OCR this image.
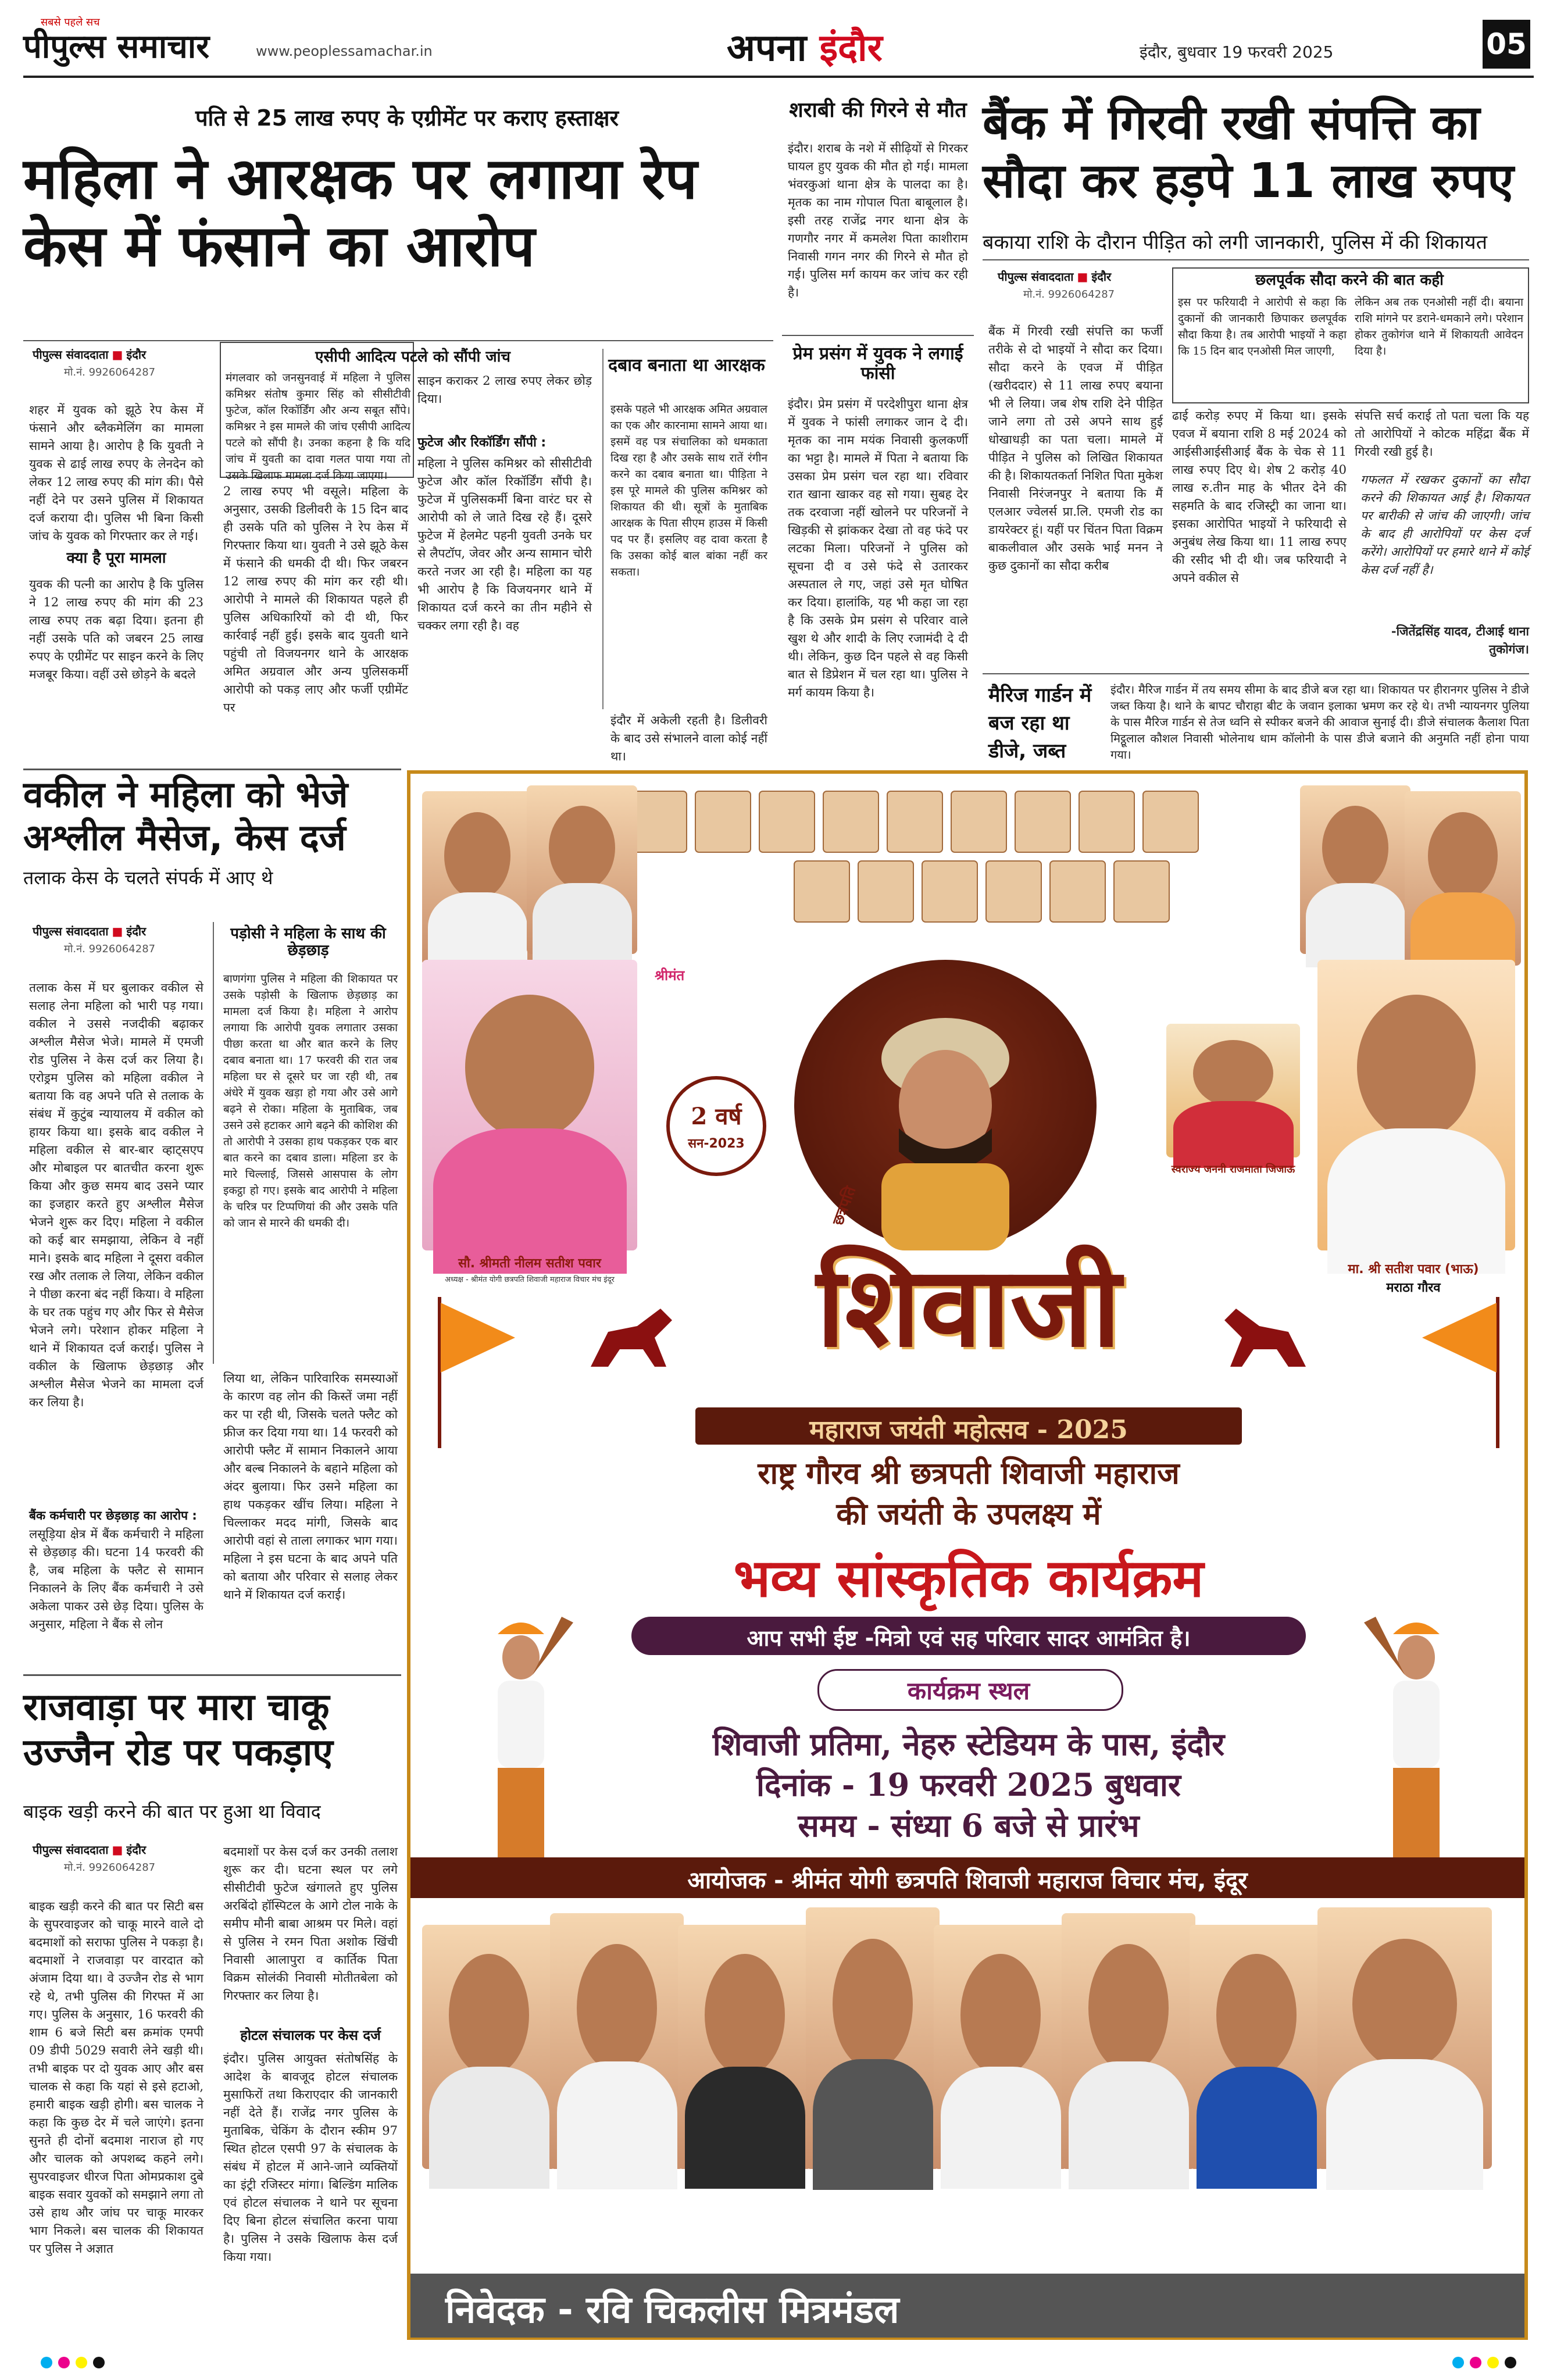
सबसे पहले सच
पीपुल्स समाचार	www.peoplessamachar.in	अपना इंदौर	इंदौर, बुधवार 19 फरवरी 2025	05
पति से 25 लाख रुपए के एग्रीमेंट पर कराए हस्ताक्षर
महिला ने आरक्षक पर लगाया रेप केस में फंसाने का आरोप
पीपुल्स संवाददाता ■ इंदौर
मो.नं. 9926064287
शहर में युवक को झूठे रेप केस में फंसाने और ब्लैकमेलिंग का मामला सामने आया है। आरोप है कि युवती ने युवक से ढाई लाख रुपए के लेनदेन को लेकर 12 लाख रुपए की मांग की। पैसे नहीं देने पर उसने पुलिस में शिकायत दर्ज कराया दी। पुलिस भी बिना किसी जांच के युवक को गिरफ्तार कर ले गई।
क्या है पूरा मामला
युवक की पत्नी का आरोप है कि पुलिस ने 12 लाख रुपए की मांग की 23 लाख रुपए तक बढ़ा दिया। इतना ही नहीं उसके पति को जबरन 25 लाख रुपए के एग्रीमेंट पर साइन करने के लिए मजबूर किया। वहीं उसे छोड़ने के बदले
एसीपी आदित्य पटले को सौंपी जांच
मंगलवार को जनसुनवाई में महिला ने पुलिस कमिश्नर संतोष कुमार सिंह को सीसीटीवी फुटेज, कॉल रिकॉर्डिंग और अन्य सबूत सौंपे। कमिश्नर ने इस मामले की जांच एसीपी आदित्य पटले को सौंपी है। उनका कहना है कि यदि जांच में युवती का दावा गलत पाया गया तो उसके खिलाफ मामला दर्ज किया जाएगा।
2 लाख रुपए भी वसूले। महिला के अनुसार, उसकी डिलीवरी के 15 दिन बाद ही उसके पति को पुलिस ने रेप केस में गिरफ्तार किया था। युवती ने उसे झूठे केस में फंसाने की धमकी दी थी। फिर जबरन 12 लाख रुपए की मांग कर रही थी। आरोपी ने मामले की शिकायत पहले ही पुलिस अधिकारियों को दी थी, फिर कार्रवाई नहीं हुई। इसके बाद युवती थाने पहुंची तो विजयनगर थाने के आरक्षक अमित अग्रवाल और अन्य पुलिसकर्मी आरोपी को पकड़ लाए और फर्जी एग्रीमेंट पर
साइन कराकर 2 लाख रुपए लेकर छोड़ दिया।
फुटेज और रिकॉर्डिंग सौंपी :
महिला ने पुलिस कमिश्नर को सीसीटीवी फुटेज और कॉल रिकॉर्डिंग सौंपी है। फुटेज में पुलिसकर्मी बिना वारंट घर से आरोपी को ले जाते दिख रहे हैं। दूसरे फुटेज में हेलमेट पहनी युवती उनके घर से लैपटॉप, जेवर और अन्य सामान चोरी करते नजर आ रही है। महिला का यह भी आरोप है कि विजयनगर थाने में शिकायत दर्ज करने का तीन महीने से चक्कर लगा रही है। वह
दबाव बनाता था आरक्षक
इसके पहले भी आरक्षक अमित अग्रवाल का एक और कारनामा सामने आया था। इसमें वह पत्र संचालिका को धमकाता दिख रहा है और उसके साथ रातें रंगीन करने का दबाव बनाता था। पीड़िता ने इस पूरे मामले की पुलिस कमिश्नर को शिकायत की थी। सूत्रों के मुताबिक आरक्षक के पिता सीएम हाउस में किसी पद पर हैं। इसलिए वह दावा करता है कि उसका कोई बाल बांका नहीं कर सकता।
इंदौर में अकेली रहती है। डिलीवरी के बाद उसे संभालने वाला कोई नहीं था।
शराबी की गिरने से मौत
इंदौर। शराब के नशे में सीढ़ियों से गिरकर घायल हुए युवक की मौत हो गई। मामला भंवरकुआं थाना क्षेत्र के पालदा का है। मृतक का नाम गोपाल पिता बाबूलाल है। इसी तरह राजेंद्र नगर थाना क्षेत्र के गणगौर नगर में कमलेश पिता काशीराम निवासी गगन नगर की गिरने से मौत हो गई। पुलिस मर्ग कायम कर जांच कर रही है।
प्रेम प्रसंग में युवक ने लगाई फांसी
इंदौर। प्रेम प्रसंग में परदेशीपुरा थाना क्षेत्र में युवक ने फांसी लगाकर जान दे दी। मृतक का नाम मयंक निवासी कुलकर्णी का भट्टा है। मामले में पिता ने बताया कि उसका प्रेम प्रसंग चल रहा था। रविवार रात खाना खाकर वह सो गया। सुबह देर तक दरवाजा नहीं खोलने पर परिजनों ने खिड़की से झांककर देखा तो वह फंदे पर लटका मिला। परिजनों ने पुलिस को सूचना दी व उसे फंदे से उतारकर अस्पताल ले गए, जहां उसे मृत घोषित कर दिया। हालांकि, यह भी कहा जा रहा है कि उसके प्रेम प्रसंग से परिवार वाले खुश थे और शादी के लिए रजामंदी दे दी थी। लेकिन, कुछ दिन पहले से वह किसी बात से डिप्रेशन में चल रहा था। पुलिस ने मर्ग कायम किया है।
बैंक में गिरवी रखी संपत्ति का सौदा कर हड़पे 11 लाख रुपए
बकाया राशि के दौरान पीड़ित को लगी जानकारी, पुलिस में की शिकायत
पीपुल्स संवाददाता ■ इंदौर
मो.नं. 9926064287
बैंक में गिरवी रखी संपत्ति का फर्जी तरीके से दो भाइयों ने सौदा कर दिया। सौदा करने के एवज में पीड़ित (खरीददार) से 11 लाख रुपए बयाना भी ले लिया। जब शेष राशि देने पीड़ित जाने लगा तो उसे अपने साथ हुई धोखाधड़ी का पता चला। मामले में पीड़ित ने पुलिस को लिखित शिकायत की है। शिकायतकर्ता निशित पिता मुकेश निवासी निरंजनपुर ने बताया कि मैं एलआर ज्वेलर्स प्रा.लि. एमजी रोड का डायरेक्टर हूं। यहीं पर चिंतन पिता विक्रम बाकलीवाल और उसके भाई मनन ने कुछ दुकानों का सौदा करीब
छलपूर्वक सौदा करने की बात कही
इस पर फरियादी ने आरोपी से कहा कि दुकानों की जानकारी छिपाकर छलपूर्वक सौदा किया है। तब आरोपी भाइयों ने कहा कि 15 दिन बाद एनओसी मिल जाएगी,
लेकिन अब तक एनओसी नहीं दी। बयाना राशि मांगने पर डराने-धमकाने लगे। परेशान होकर तुकोगंज थाने में शिकायती आवेदन दिया है।
ढाई करोड़ रुपए में किया था। इसके एवज में बयाना राशि 8 मई 2024 को आईसीआईसीआई बैंक के चेक से 11 लाख रुपए दिए थे। शेष 2 करोड़ 40 लाख रु.तीन माह के भीतर देने की सहमति के बाद रजिस्ट्री का जाना था। इसका आरोपित भाइयों ने फरियादी से अनुबंध लेख किया था। 11 लाख रुपए की रसीद भी दी थी। जब फरियादी ने अपने वकील से
संपत्ति सर्च कराई तो पता चला कि यह तो आरोपियों ने कोटक महिंद्रा बैंक में गिरवी रखी हुई है।
गफलत में रखकर दुकानों का सौदा करने की शिकायत आई है। शिकायत पर बारीकी से जांच की जाएगी। जांच के बाद ही आरोपियों पर केस दर्ज करेंगे। आरोपियों पर हमारे थाने में कोई केस दर्ज नहीं है।
-जितेंद्रसिंह यादव, टीआई थाना तुकोगंज।
मैरिज गार्डन में बज रहा था डीजे, जब्त
इंदौर। मैरिज गार्डन में तय समय सीमा के बाद डीजे बज रहा था। शिकायत पर हीरानगर पुलिस ने डीजे जब्त किया है। थाने के बापट चौराहा बीट के जवान इलाका भ्रमण कर रहे थे। तभी न्यायनगर पुलिया के पास मैरिज गार्डन से तेज ध्वनि से स्पीकर बजने की आवाज सुनाई दी। डीजे संचालक कैलाश पिता मिट्ठूलाल कौशल निवासी भोलेनाथ धाम कॉलोनी के पास डीजे बजाने की अनुमति नहीं होना पाया गया।
वकील ने महिला को भेजे अश्लील मैसेज, केस दर्ज
तलाक केस के चलते संपर्क में आए थे
पीपुल्स संवाददाता ■ इंदौर
मो.नं. 9926064287
तलाक केस में घर बुलाकर वकील से सलाह लेना महिला को भारी पड़ गया। वकील ने उससे नजदीकी बढ़ाकर अश्लील मैसेज भेजे। मामले में एमजी रोड पुलिस ने केस दर्ज कर लिया है। एरोड्रम पुलिस को महिला वकील ने बताया कि वह अपने पति से तलाक के संबंध में कुटुंब न्यायालय में वकील को हायर किया था। इसके बाद वकील ने महिला वकील से बार-बार व्हाट्सएप और मोबाइल पर बातचीत करना शुरू किया और कुछ समय बाद उसने प्यार का इजहार करते हुए अश्लील मैसेज भेजने शुरू कर दिए। महिला ने वकील को कई बार समझाया, लेकिन वे नहीं माने। इसके बाद महिला ने दूसरा वकील रख और तलाक ले लिया, लेकिन वकील ने पीछा करना बंद नहीं किया। वे महिला के घर तक पहुंच गए और फिर से मैसेज भेजने लगे। परेशान होकर महिला ने थाने में शिकायत दर्ज कराई। पुलिस ने वकील के खिलाफ छेड़छाड़ और अश्लील मैसेज भेजने का मामला दर्ज कर लिया है।
बैंक कर्मचारी पर छेड़छाड़ का आरोप :
लसूड़िया क्षेत्र में बैंक कर्मचारी ने महिला से छेड़छाड़ की। घटना 14 फरवरी की है, जब महिला के फ्लैट से सामान निकालने के लिए बैंक कर्मचारी ने उसे अकेला पाकर उसे छेड़ दिया। पुलिस के अनुसार, महिला ने बैंक से लोन
पड़ोसी ने महिला के साथ की छेड़छाड़
बाणगंगा पुलिस ने महिला की शिकायत पर उसके पड़ोसी के खिलाफ छेड़छाड़ का मामला दर्ज किया है। महिला ने आरोप लगाया कि आरोपी युवक लगातार उसका पीछा करता था और बात करने के लिए दबाव बनाता था। 17 फरवरी की रात जब महिला घर से दूसरे घर जा रही थी, तब अंधेरे में युवक खड़ा हो गया और उसे आगे बढ़ने से रोका। महिला के मुताबिक, जब उसने उसे हटाकर आगे बढ़ने की कोशिश की तो आरोपी ने उसका हाथ पकड़कर एक बार बात करने का दबाव डाला। महिला डर के मारे चिल्लाई, जिससे आसपास के लोग इकट्ठा हो गए। इसके बाद आरोपी ने महिला के चरित्र पर टिप्पणियां की और उसके पति को जान से मारने की धमकी दी।
लिया था, लेकिन पारिवारिक समस्याओं के कारण वह लोन की किस्तें जमा नहीं कर पा रही थी, जिसके चलते फ्लैट को फ्रीज कर दिया गया था। 14 फरवरी को आरोपी फ्लैट में सामान निकालने आया और बल्ब निकालने के बहाने महिला को अंदर बुलाया। फिर उसने महिला का हाथ पकड़कर खींच लिया। महिला ने चिल्लाकर मदद मांगी, जिसके बाद आरोपी वहां से ताला लगाकर भाग गया। महिला ने इस घटना के बाद अपने पति को बताया और परिवार से सलाह लेकर थाने में शिकायत दर्ज कराई।
राजवाड़ा पर मारा चाकू उज्जैन रोड पर पकड़ाए
बाइक खड़ी करने की बात पर हुआ था विवाद
पीपुल्स संवाददाता ■ इंदौर
मो.नं. 9926064287
बाइक खड़ी करने की बात पर सिटी बस के सुपरवाइजर को चाकू मारने वाले दो बदमाशों को सराफा पुलिस ने पकड़ा है। बदमाशों ने राजवाड़ा पर वारदात को अंजाम दिया था। वे उज्जैन रोड से भाग रहे थे, तभी पुलिस की गिरफ्त में आ गए। पुलिस के अनुसार, 16 फरवरी की शाम 6 बजे सिटी बस क्रमांक एमपी 09 डीपी 5029 सवारी लेने खड़ी थी। तभी बाइक पर दो युवक आए और बस चालक से कहा कि यहां से इसे हटाओ, हमारी बाइक खड़ी होगी। बस चालक ने कहा कि कुछ देर में चले जाएंगे। इतना सुनते ही दोनों बदमाश नाराज हो गए और चालक को अपशब्द कहने लगे। सुपरवाइजर धीरज पिता ओमप्रकाश दुबे बाइक सवार युवकों को समझाने लगा तो उसे हाथ और जांघ पर चाकू मारकर भाग निकले। बस चालक की शिकायत पर पुलिस ने अज्ञात
बदमाशों पर केस दर्ज कर उनकी तलाश शुरू कर दी। घटना स्थल पर लगे सीसीटीवी फुटेज खंगालते हुए पुलिस अरबिंदो हॉस्पिटल के आगे टोल नाके के समीप मौनी बाबा आश्रम पर मिले। वहां से पुलिस ने रमन पिता अशोक खिंची निवासी आलापुरा व कार्तिक पिता विक्रम सोलंकी निवासी मोतीतबेला को गिरफ्तार कर लिया है।
होटल संचालक पर केस दर्ज
इंदौर। पुलिस आयुक्त संतोषसिंह के आदेश के बावजूद होटल संचालक मुसाफिरों तथा किराएदार की जानकारी नहीं देते हैं। राजेंद्र नगर पुलिस के मुताबिक, चेकिंग के दौरान स्कीम 97 स्थित होटल एसपी 97 के संचालक के संबंध में होटल में आने-जाने व्यक्तियों का इंट्री रजिस्टर मांगा। बिल्डिंग मालिक एवं होटल संचालक ने थाने पर सूचना दिए बिना होटल संचालित करना पाया है। पुलिस ने उसके खिलाफ केस दर्ज किया गया।
सौ. श्रीमती नीलम सतीश पवार
अध्यक्ष - श्रीमंत योगी छत्रपति शिवाजी महाराज विचार मंच इंदूर
मा. श्री सतीश पवार (भाऊ)
मराठा गौरव
श्रीमंत
2 वर्ष
सन-2023
स्वराज्य जननी राजमाता जिजाऊ
छत्रपति
शिवाजी
महाराज जयंती महोत्सव - 2025
राष्ट्र गौरव श्री छत्रपती शिवाजी महाराज
की जयंती के उपलक्ष्य में
भव्य सांस्कृतिक कार्यक्रम
आप सभी ईष्ट -मित्रो एवं सह परिवार सादर आमंत्रित है।
कार्यक्रम स्थल
शिवाजी प्रतिमा, नेहरु स्टेडियम के पास, इंदौर
दिनांक - 19 फरवरी 2025 बुधवार
समय - संध्या 6 बजे से प्रारंभ
आयोजक - श्रीमंत योगी छत्रपति शिवाजी महाराज विचार मंच, इंदूर
निवेदक - रवि चिकलीस मित्रमंडल
